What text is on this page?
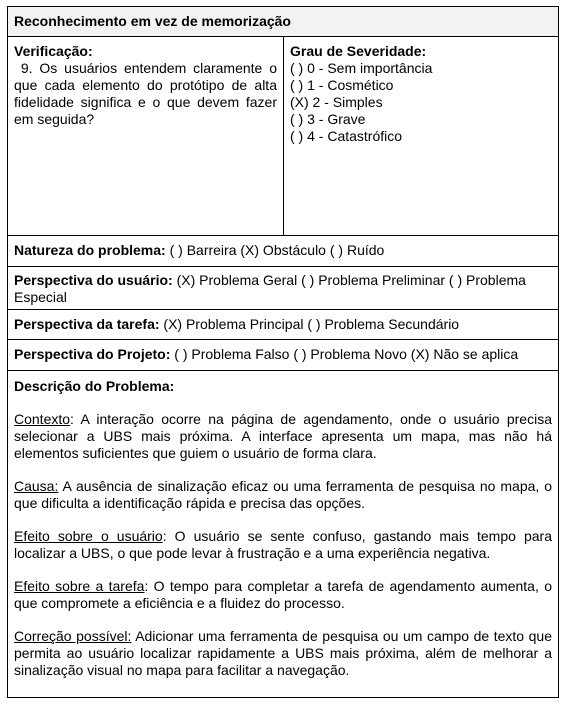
Reconhecimento em vez de memorização
Verificação:
9. Os usuários entendem claramente o que cada elemento do protótipo de alta fidelidade significa e o que devem fazer em seguida?
Grau de Severidade:
( ) 0 - Sem importância
( ) 1 - Cosmético
(X) 2 - Simples
( ) 3 - Grave
( ) 4 - Catastrófico
Natureza do problema: ( ) Barreira (X) Obstáculo ( ) Ruído
Perspectiva do usuário: (X) Problema Geral ( ) Problema Preliminar ( ) Problema Especial
Perspectiva da tarefa: (X) Problema Principal ( ) Problema Secundário
Perspectiva do Projeto: ( ) Problema Falso ( ) Problema Novo (X) Não se aplica

Descrição do Problema:

Contexto: A interação ocorre na página de agendamento, onde o usuário precisa selecionar a UBS mais próxima. A interface apresenta um mapa, mas não há elementos suficientes que guiem o usuário de forma clara.

Causa: A ausência de sinalização eficaz ou uma ferramenta de pesquisa no mapa, o que dificulta a identificação rápida e precisa das opções.

Efeito sobre o usuário: O usuário se sente confuso, gastando mais tempo para localizar a UBS, o que pode levar à frustração e a uma experiência negativa.

Efeito sobre a tarefa: O tempo para completar a tarefa de agendamento aumenta, o que compromete a eficiência e a fluidez do processo.

Correção possível: Adicionar uma ferramenta de pesquisa ou um campo de texto que permita ao usuário localizar rapidamente a UBS mais próxima, além de melhorar a sinalização visual no mapa para facilitar a navegação.
